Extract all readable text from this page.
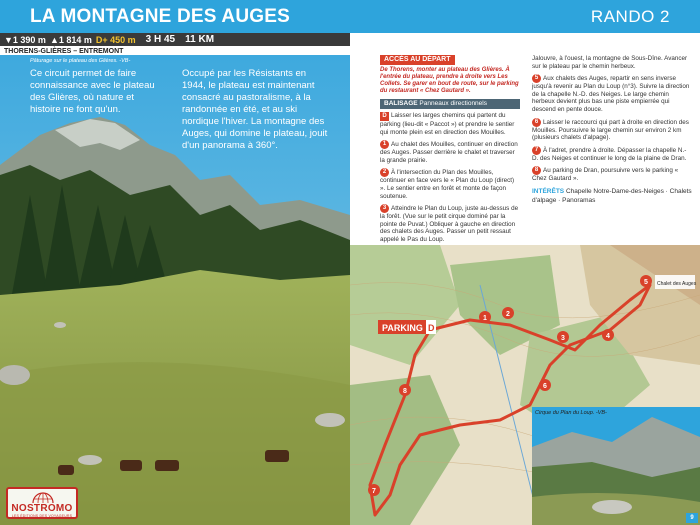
LA MONTAGNE DES AUGES	RANDO 2
▼1 390 m ▲1 814 m D+ 450 m 3 H 45 11 KM
THORENS-GLIÈRES – ENTREMONT
Pâturage sur le plateau des Glières. -VB-
Ce circuit permet de faire connaissance avec le plateau des Glières, où nature et histoire ne font qu'un.
Occupé par les Résistants en 1944, le plateau est maintenant consacré au pastoralisme, à la randonnée en été, et au ski nordique l'hiver. La montagne des Auges, qui domine le plateau, jouit d'un panorama à 360°.
NOSTROMO
LES ÉDITIONS DES VOYAGEURS
ACCÈS AU DÉPART
De Thorens, monter au plateau des Glières. À l'entrée du plateau, prendre à droite vers Les Collets. Se garer en bout de route, sur le parking du restaurant « Chez Gautard ».
BALISAGE Panneaux directionnels
D Laisser les larges chemins qui partent du parking (lieu-dit « Paccot ») et prendre le sentier qui monte plein est en direction des Mouilles.
1 Au chalet des Mouilles, continuer en direction des Auges. Passer derrière le chalet et traverser la grande prairie.
2 À l'intersection du Plan des Mouilles, continuer en face vers le « Plan du Loup (direct) ». Le sentier entre en forêt et monte de façon soutenue.
3 Atteindre le Plan du Loup, juste au-dessus de la forêt. (Vue sur le petit cirque dominé par la pointe de Puvat.) Obliquer à gauche en direction des chalets des Auges. Passer un petit ressaut appelé le Pas du Loup.
Jalouvre, à l'ouest, la montagne de Sous-Dîne. Avancer sur le plateau par le chemin herbeux.
5 Aux chalets des Auges, repartir en sens inverse jusqu'à revenir au Plan du Loup (n°3). Suivre la direction de la chapelle N.-D. des Neiges. Le large chemin herbeux devient plus bas une piste empierrée qui descend en pente douce.
6 Laisser le raccourci qui part à droite en direction des Mouilles. Poursuivre le large chemin sur environ 2 km (plusieurs chalets d'alpage).
7 À l'adret, prendre à droite. Dépasser la chapelle N.-D. des Neiges et continuer le long de la plaine de Dran.
8 Au parking de Dran, poursuivre vers le parking « Chez Gautard ».
INTÉRÊTS Chapelle Notre-Dame-des-Neiges · Chalets d'alpage · Panoramas
PARKING D
1
2
3	4
5
6
7
8
Chalet des Auges
Cirque du Plan du Loup. -VB-
9
